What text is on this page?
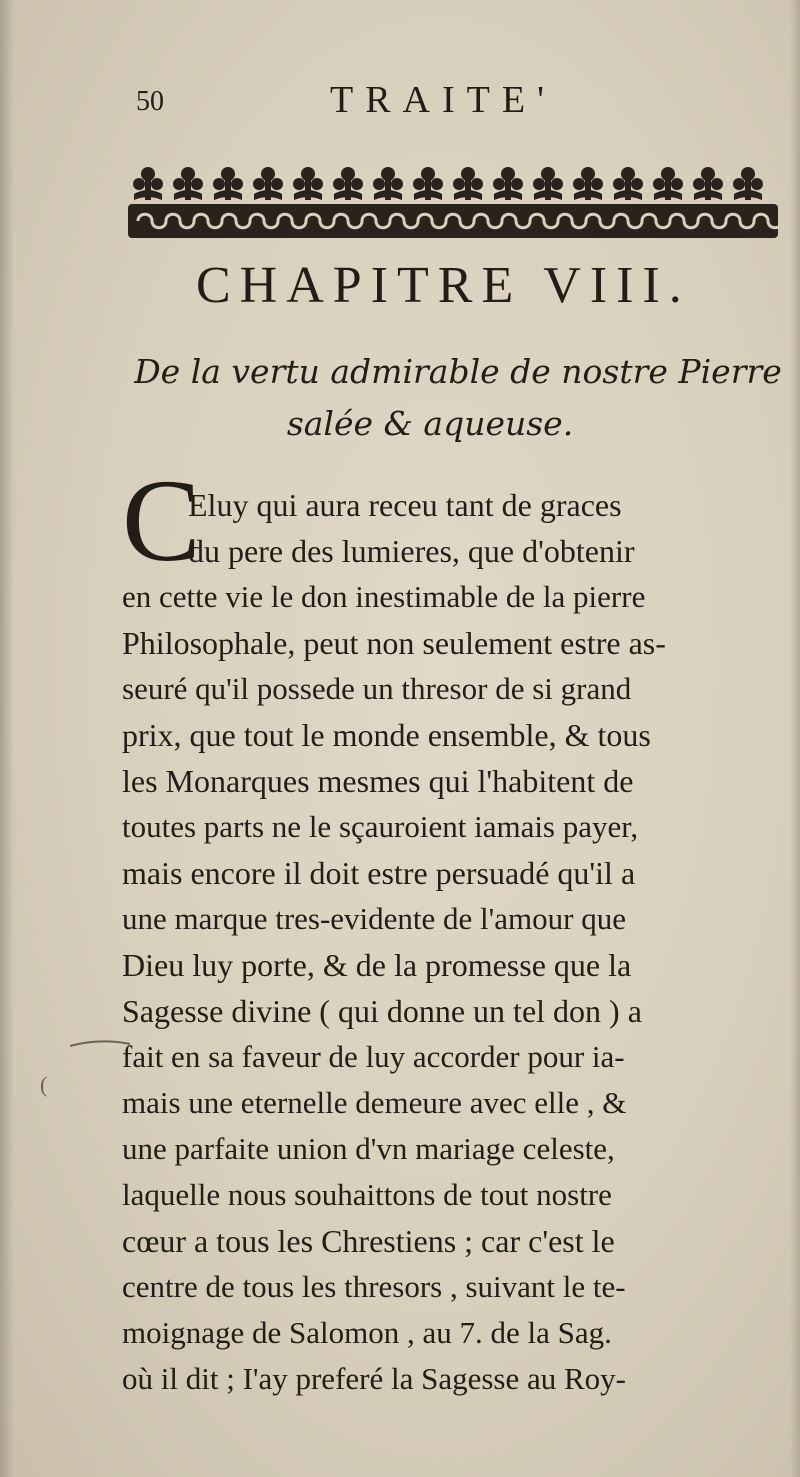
50	TRAITE'
CHAPITRE VIII.
De la vertu admirable de nostre Pierre
salée & aqueuse.
C
Eluy qui aura receu tant de graces
du pere des lumieres, que d'obtenir
en cette vie le don inestimable de la pierre
Philosophale, peut non seulement estre as-
seuré qu'il possede un thresor de si grand
prix, que tout le monde ensemble, & tous
les Monarques mesmes qui l'habitent de
toutes parts ne le sçauroient iamais payer,
mais encore il doit estre persuadé qu'il a
une marque tres-evidente de l'amour que
Dieu luy porte, & de la promesse que la
Sagesse divine ( qui donne un tel don ) a
fait en sa faveur de luy accorder pour ia-
mais une eternelle demeure avec elle , &
une parfaite union d'vn mariage celeste,
laquelle nous souhaittons de tout nostre
cœur a tous les Chrestiens ; car c'est le
centre de tous les thresors , suivant le te-
moignage de Salomon , au 7. de la Sag.
où il dit ; I'ay preferé la Sagesse au Roy-
(
